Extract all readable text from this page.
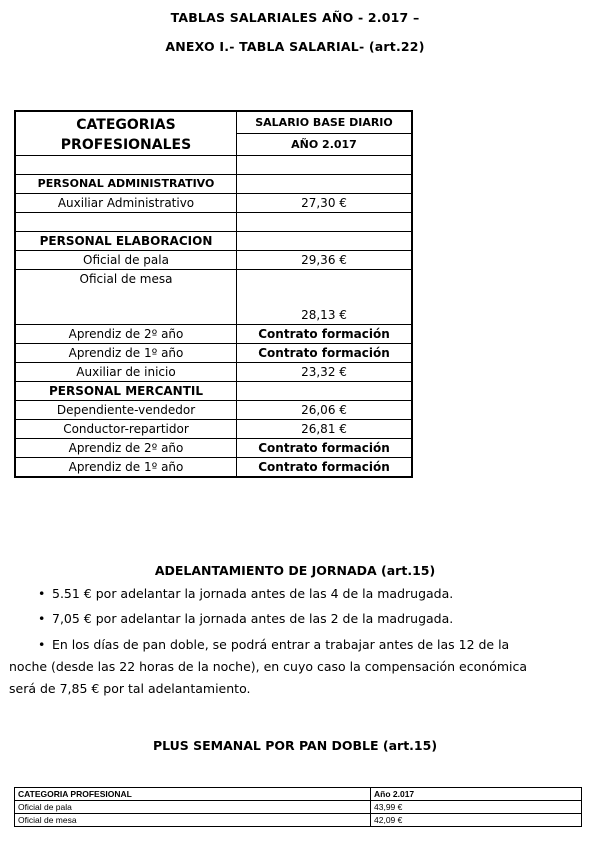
TABLAS SALARIALES AÑO - 2.017 –
ANEXO I.- TABLA SALARIAL- (art.22)
CATEGORIAS PROFESIONALES	SALARIO BASE DIARIO
	AÑO 2.017

PERSONAL ADMINISTRATIVO	
Auxiliar Administrativo	27,30 €

PERSONAL ELABORACION	
Oficial de pala	29,36 €
Oficial de mesa	28,13 €
Aprendiz de 2º año	Contrato formación
Aprendiz de 1º año	Contrato formación
Auxiliar de inicio	23,32 €
PERSONAL MERCANTIL	
Dependiente-vendedor	26,06 €
Conductor-repartidor	26,81 €
Aprendiz de 2º año	Contrato formación
Aprendiz de 1º año	Contrato formación
ADELANTAMIENTO DE JORNADA (art.15)
• 5.51 € por adelantar la jornada antes de las 4 de la madrugada.
• 7,05 € por adelantar la jornada antes de las 2 de la madrugada.
• En los días de pan doble, se podrá entrar a trabajar antes de las 12 de la
noche (desde las 22 horas de la noche), en cuyo caso la compensación económica
será de 7,85 € por tal adelantamiento.
PLUS SEMANAL POR PAN DOBLE (art.15)
CATEGORIA PROFESIONAL	Año 2.017
Oficial de pala	43,99 €
Oficial de mesa	42,09 €
